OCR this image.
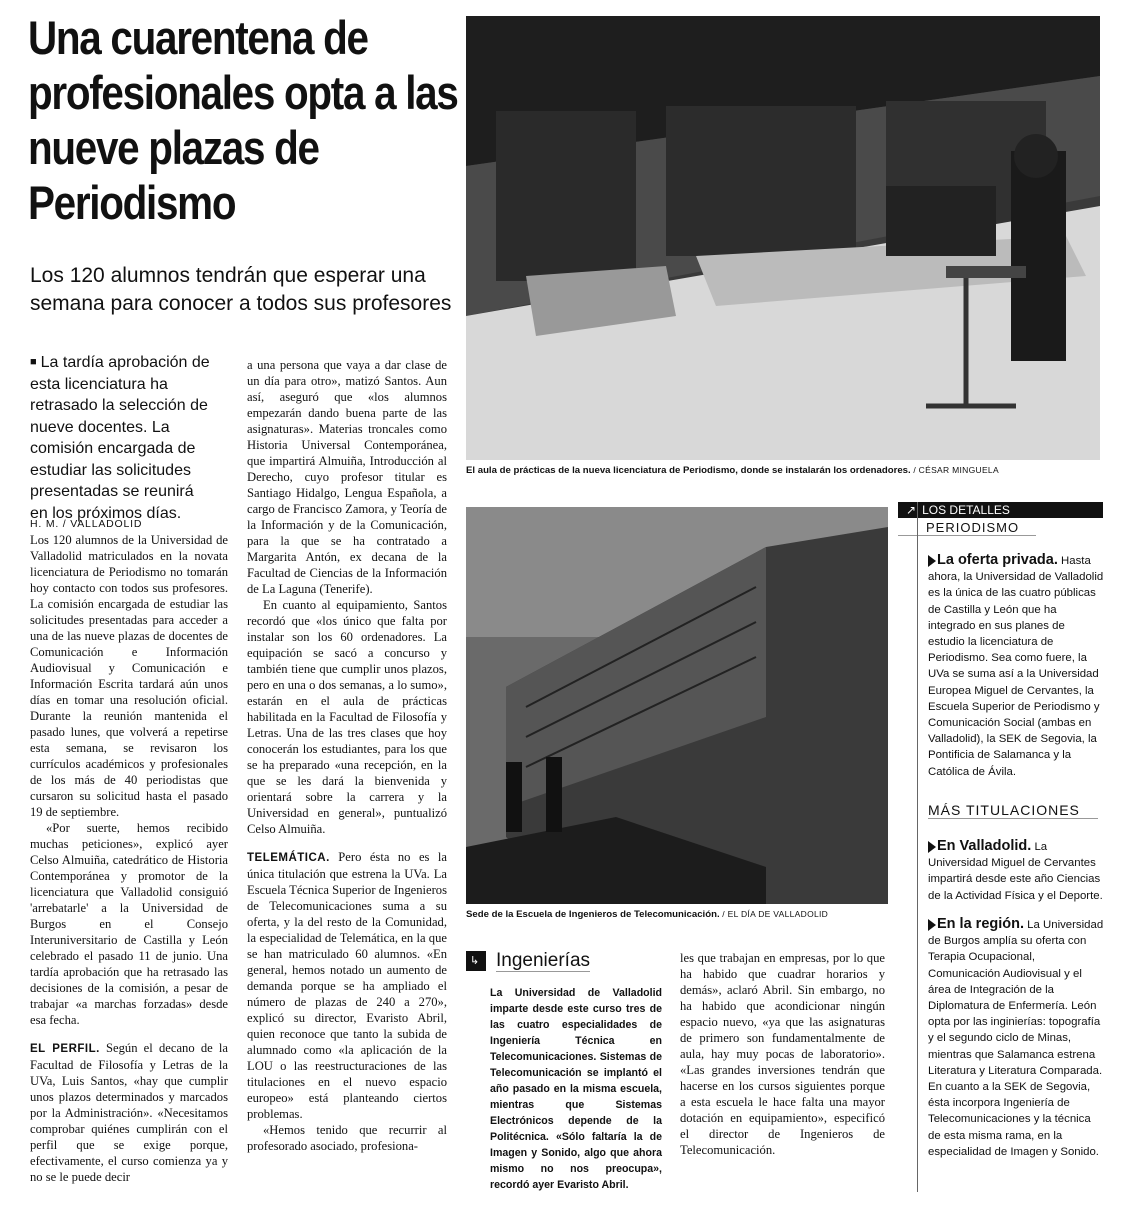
Una cuarentena de profesionales opta a las nueve plazas de Periodismo

Los 120 alumnos tendrán que esperar una semana para conocer a todos sus profesores

■ La tardía aprobación de esta licenciatura ha retrasado la selección de nueve docentes. La comisión encargada de estudiar las solicitudes presentadas se reunirá en los próximos días.
H. M. / VALLADOLID

Los 120 alumnos de la Universidad de Valladolid matriculados en la novata licenciatura de Periodismo no tomarán hoy contacto con todos sus profesores. La comisión encargada de estudiar las solicitudes presentadas para acceder a una de las nueve plazas de docentes de Comunicación e Información Audiovisual y Comunicación e Información Escrita tardará aún unos días en tomar una resolución oficial. Durante la reunión mantenida el pasado lunes, que volverá a repetirse esta semana, se revisaron los currículos académicos y profesionales de los más de 40 periodistas que cursaron su solicitud hasta el pasado 19 de septiembre.

«Por suerte, hemos recibido muchas peticiones», explicó ayer Celso Almuiña, catedrático de Historia Contemporánea y promotor de la licenciatura que Valladolid consiguió 'arrebatarle' a la Universidad de Burgos en el Consejo Interuniversitario de Castilla y León celebrado el pasado 11 de junio. Una tardía aprobación que ha retrasado las decisiones de la comisión, a pesar de trabajar «a marchas forzadas» desde esa fecha.

EL PERFIL. Según el decano de la Facultad de Filosofía y Letras de la UVa, Luis Santos, «hay que cumplir unos plazos determinados y marcados por la Administración». «Necesitamos comprobar quiénes cumplirán con el perfil que se exige porque, efectivamente, el curso comienza ya y no se le puede decir

a una persona que vaya a dar clase de un día para otro», matizó Santos. Aun así, aseguró que «los alumnos empezarán dando buena parte de las asignaturas». Materias troncales como Historia Universal Contemporánea, que impartirá Almuiña, Introducción al Derecho, cuyo profesor titular es Santiago Hidalgo, Lengua Española, a cargo de Francisco Zamora, y Teoría de la Información y de la Comunicación, para la que se ha contratado a Margarita Antón, ex decana de la Facultad de Ciencias de la Información de La Laguna (Tenerife).

En cuanto al equipamiento, Santos recordó que «los único que falta por instalar son los 60 ordenadores. La equipación se sacó a concurso y también tiene que cumplir unos plazos, pero en una o dos semanas, a lo sumo», estarán en el aula de prácticas habilitada en la Facultad de Filosofía y Letras. Una de las tres clases que hoy conocerán los estudiantes, para los que se ha preparado «una recepción, en la que se les dará la bienvenida y orientará sobre la carrera y la Universidad en general», puntualizó Celso Almuiña.

TELEMÁTICA. Pero ésta no es la única titulación que estrena la UVa. La Escuela Técnica Superior de Ingenieros de Telecomunicaciones suma a su oferta, y la del resto de la Comunidad, la especialidad de Telemática, en la que se han matriculado 60 alumnos. «En general, hemos notado un aumento de demanda porque se ha ampliado el número de plazas de 240 a 270», explicó su director, Evaristo Abril, quien reconoce que tanto la subida de alumnado como «la aplicación de la LOU o las reestructuraciones de las titulaciones en el nuevo espacio europeo» está planteando ciertos problemas.

«Hemos tenido que recurrir al profesorado asociado, profesiona-

El aula de prácticas de la nueva licenciatura de Periodismo, donde se instalarán los ordenadores. / CÉSAR MINGUELA
Sede de la Escuela de Ingenieros de Telecomunicación. / EL DÍA DE VALLADOLID
↳ Ingenierías
La Universidad de Valladolid imparte desde este curso tres de las cuatro especialidades de Ingeniería Técnica en Telecomunicaciones. Sistemas de Telecomunicación se implantó el año pasado en la misma escuela, mientras que Sistemas Electrónicos depende de la Politécnica. «Sólo faltaría la de Imagen y Sonido, algo que ahora mismo no nos preocupa», recordó ayer Evaristo Abril.
les que trabajan en empresas, por lo que ha habido que cuadrar horarios y demás», aclaró Abril. Sin embargo, no ha habido que acondicionar ningún espacio nuevo, «ya que las asignaturas de primero son fundamentalmente de aula, hay muy pocas de laboratorio». «Las grandes inversiones tendrán que hacerse en los cursos siguientes porque a esta escuela le hace falta una mayor dotación en equipamiento», especificó el director de Ingenieros de Telecomunicación.
↗ LOS DETALLES
PERIODISMO
La oferta privada. Hasta ahora, la Universidad de Valladolid es la única de las cuatro públicas de Castilla y León que ha integrado en sus planes de estudio la licenciatura de Periodismo. Sea como fuere, la UVa se suma así a la Universidad Europea Miguel de Cervantes, la Escuela Superior de Periodismo y Comunicación Social (ambas en Valladolid), la SEK de Segovia, la Pontificia de Salamanca y la Católica de Ávila.
MÁS TITULACIONES
En Valladolid. La Universidad Miguel de Cervantes impartirá desde este año Ciencias de la Actividad Física y el Deporte.
En la región. La Universidad de Burgos amplía su oferta con Terapia Ocupacional, Comunicación Audiovisual y el área de Integración de la Diplomatura de Enfermería. León opta por las inginierías: topografía y el segundo ciclo de Minas, mientras que Salamanca estrena Literatura y Literatura Comparada. En cuanto a la SEK de Segovia, ésta incorpora Ingeniería de Telecomunicaciones y la técnica de esta misma rama, en la especialidad de Imagen y Sonido.
